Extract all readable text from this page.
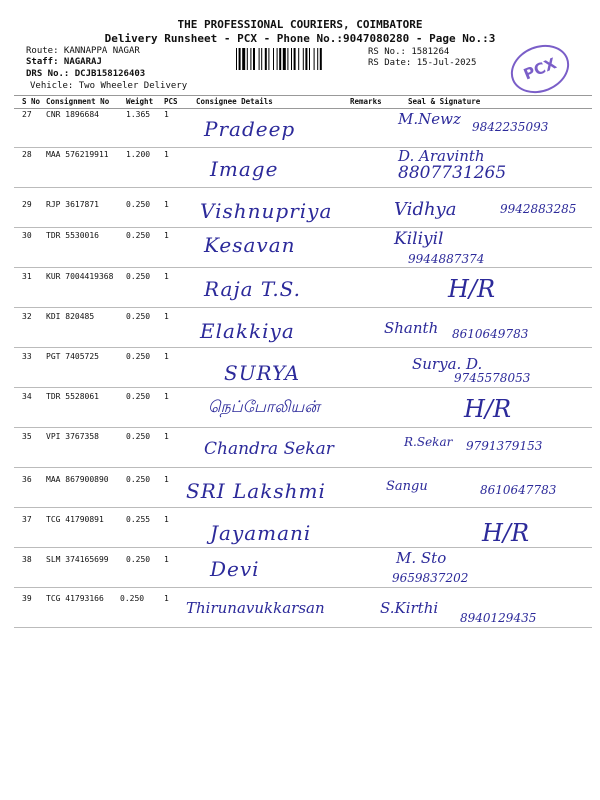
THE PROFESSIONAL COURIERS, COIMBATORE
Delivery Runsheet - PCX - Phone No.:9047080280 - Page No.:3
Route: KANNAPPA NAGAR
Staff: NAGARAJ
DRS No.: DCJB158126403
Vehicle: Two Wheeler Delivery
RS No.: 1581264
RS Date: 15-Jul-2025	PCX
S No Consignment No Weight PCS Consignee Details	Remarks	Seal & Signature
27 CNR 1896684	1.365 1
Pradeep	M.Newz 9842235093
28 MAA 576219911 1.200 1
Image
D. Aravinth
8807731265
29 RJP 3617871	0.250 1 Vishnupriya	Vidhya	9942883285
30 TDR 5530016	0.250 1 Kesavan	Kiliyil
9944887374
31 KUR 7004419368 0.250 1
Raja T.S.	H/R
32 KDI 820485	0.250 1
Elakkiya	Shanth 8610649783
33 PGT 7405725	0.250 1
SURYA	Surya. D.
9745578053
34 TDR 5528061	0.250 1
நெப்போலியன்	H/R
35 VPI 3767358	0.250 1
Chandra Sekar	R.Sekar 9791379153
36 MAA 867900890 0.250 1 SRI Lakshmi	Sangu	8610647783
37 TCG 41790891	0.255 1
Jayamani	H/R
38 SLM 374165699 0.250 1 Devi	M. Sto
9659837202
39 TCG 41793166 0.250 1
Thirunavukkarsan	S.Kirthi
8940129435
